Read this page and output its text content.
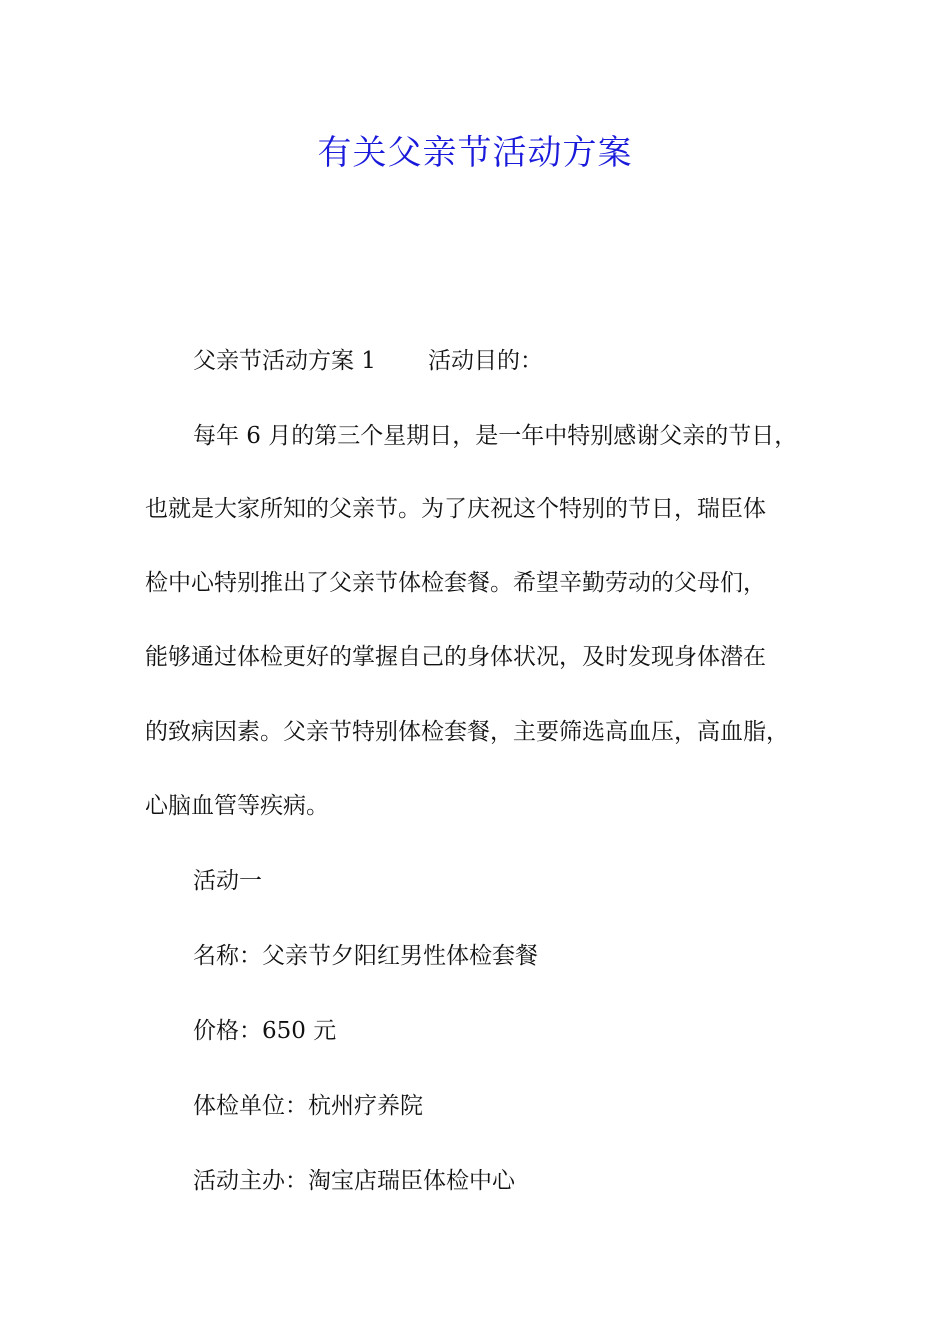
有关父亲节活动方案
父亲节活动方案 1 活动目的：
每年 6 月的第三个星期日，是一年中特别感谢父亲的节日，
也就是大家所知的父亲节。为了庆祝这个特别的节日，瑞臣体
检中心特别推出了父亲节体检套餐。希望辛勤劳动的父母们，
能够通过体检更好的掌握自己的身体状况，及时发现身体潜在
的致病因素。父亲节特别体检套餐，主要筛选高血压，高血脂，
心脑血管等疾病。
活动一
名称：父亲节夕阳红男性体检套餐
价格：650 元
体检单位：杭州疗养院
活动主办：淘宝店瑞臣体检中心
